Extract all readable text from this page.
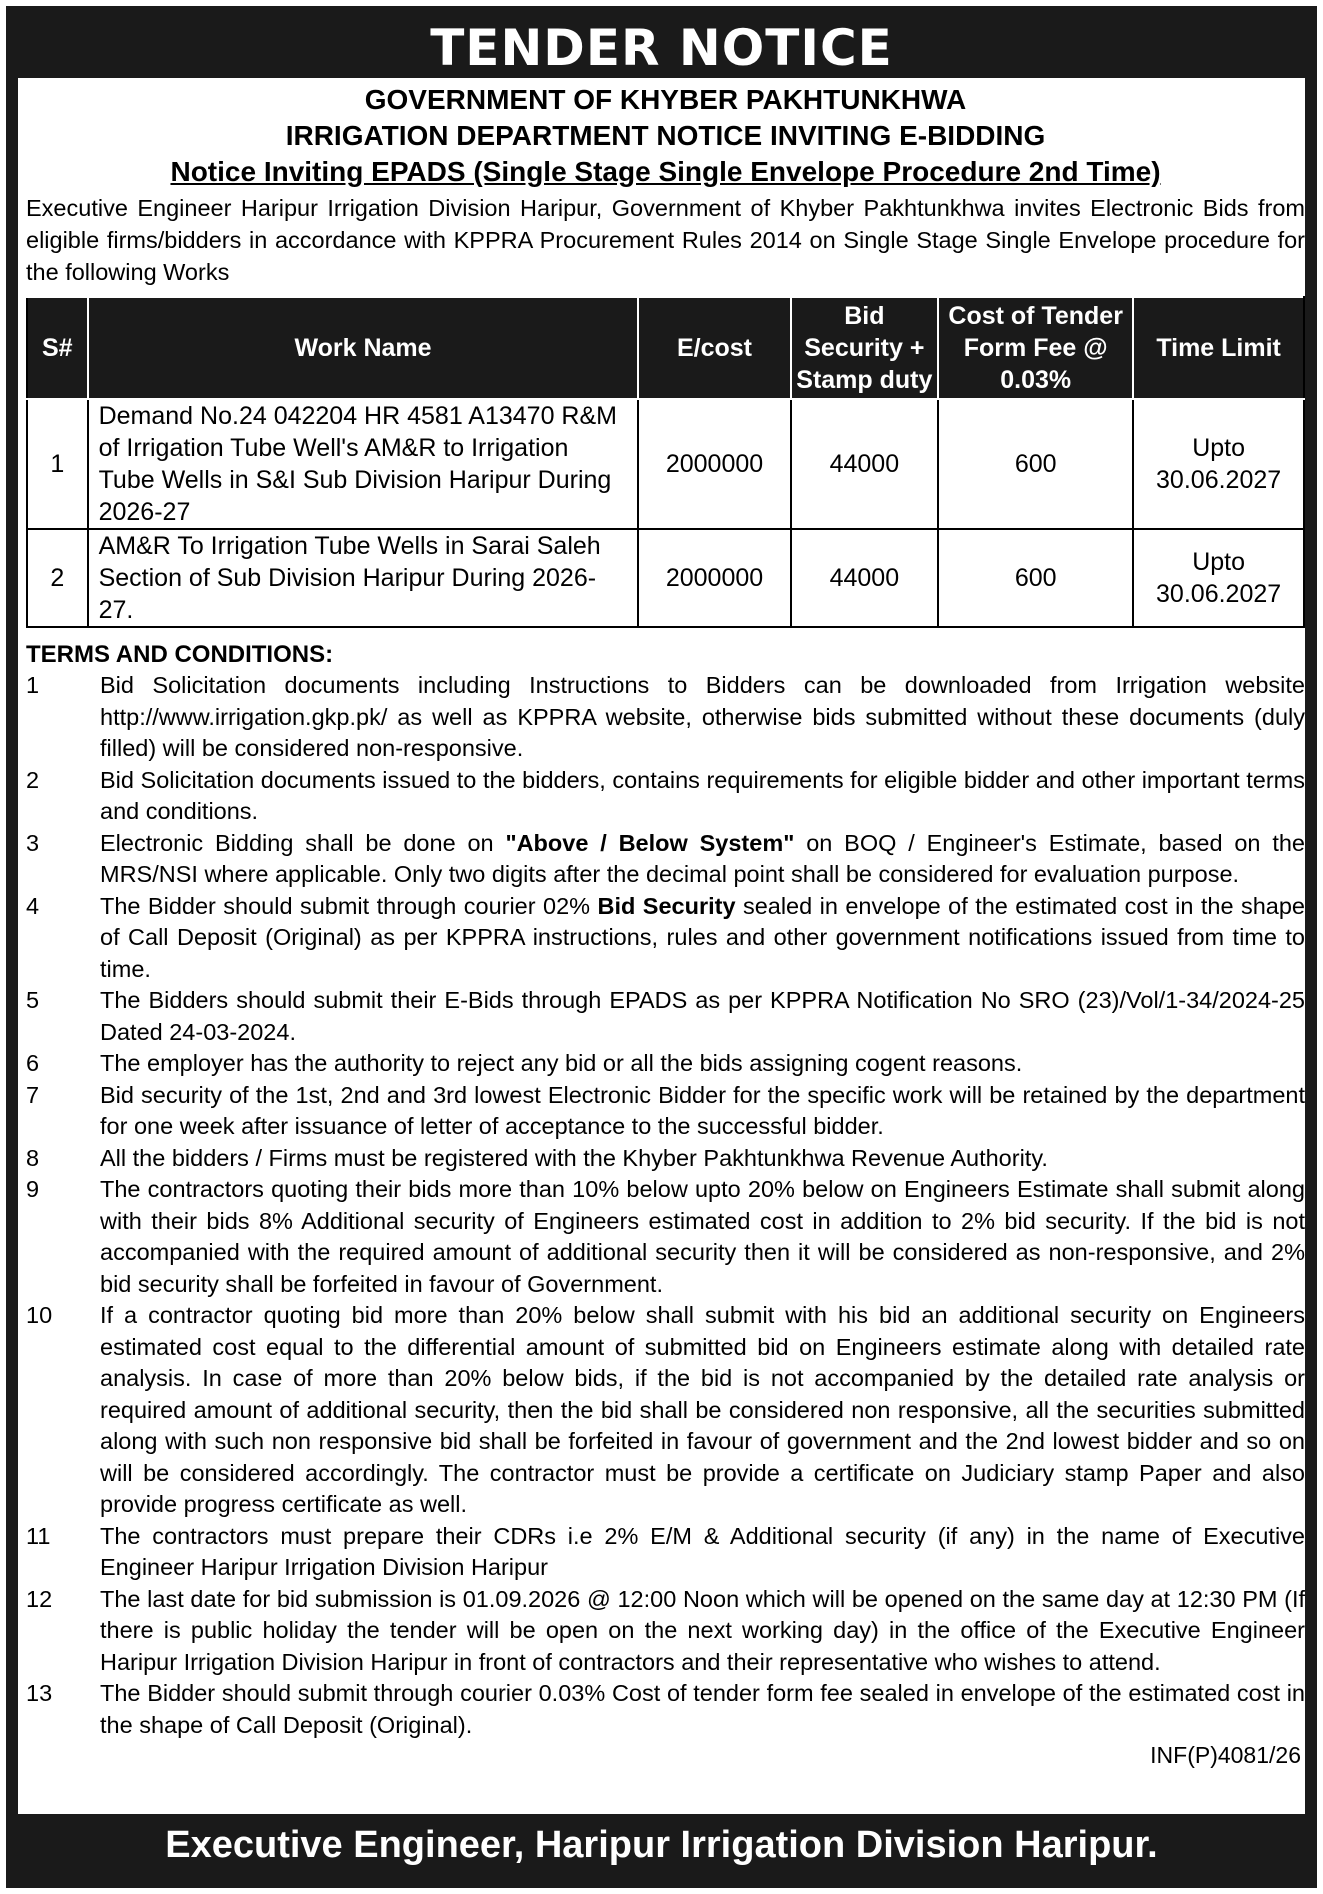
TENDER NOTICE
GOVERNMENT OF KHYBER PAKHTUNKHWA
IRRIGATION DEPARTMENT NOTICE INVITING E-BIDDING
Notice Inviting EPADS (Single Stage Single Envelope Procedure 2nd Time)

Executive Engineer Haripur Irrigation Division Haripur, Government of Khyber Pakhtunkhwa invites Electronic Bids from eligible firms/bidders in accordance with KPPRA Procurement Rules 2014 on Single Stage Single Envelope procedure for the following Works

S#	Work Name	E/cost	Bid Security + Stamp duty	Cost of Tender Form Fee @ 0.03%	Time Limit
1	Demand No.24 042204 HR 4581 A13470 R&M of Irrigation Tube Well's AM&R to Irrigation Tube Wells in S&I Sub Division Haripur During 2026-27	2000000	44000	600	Upto 30.06.2027
2	AM&R To Irrigation Tube Wells in Sarai Saleh Section of Sub Division Haripur During 2026-27.	2000000	44000	600	Upto 30.06.2027
TERMS AND CONDITIONS:
1	Bid Solicitation documents including Instructions to Bidders can be downloaded from Irrigation website http://www.irrigation.gkp.pk/ as well as KPPRA website, otherwise bids submitted without these documents (duly filled) will be considered non-responsive.
2	Bid Solicitation documents issued to the bidders, contains requirements for eligible bidder and other important terms and conditions.
3	Electronic Bidding shall be done on "Above / Below System" on BOQ / Engineer's Estimate, based on the MRS/NSI where applicable. Only two digits after the decimal point shall be considered for evaluation purpose.
4	The Bidder should submit through courier 02% Bid Security sealed in envelope of the estimated cost in the shape of Call Deposit (Original) as per KPPRA instructions, rules and other government notifications issued from time to time.
5	The Bidders should submit their E-Bids through EPADS as per KPPRA Notification No SRO (23)/Vol/1-34/2024-25 Dated 24-03-2024.
6	The employer has the authority to reject any bid or all the bids assigning cogent reasons.
7	Bid security of the 1st, 2nd and 3rd lowest Electronic Bidder for the specific work will be retained by the department for one week after issuance of letter of acceptance to the successful bidder.
8	All the bidders / Firms must be registered with the Khyber Pakhtunkhwa Revenue Authority.
9	The contractors quoting their bids more than 10% below upto 20% below on Engineers Estimate shall submit along with their bids 8% Additional security of Engineers estimated cost in addition to 2% bid security. If the bid is not accompanied with the required amount of additional security then it will be considered as non-responsive, and 2% bid security shall be forfeited in favour of Government.
10	If a contractor quoting bid more than 20% below shall submit with his bid an additional security on Engineers estimated cost equal to the differential amount of submitted bid on Engineers estimate along with detailed rate analysis. In case of more than 20% below bids, if the bid is not accompanied by the detailed rate analysis or required amount of additional security, then the bid shall be considered non responsive, all the securities submitted along with such non responsive bid shall be forfeited in favour of government and the 2nd lowest bidder and so on will be considered accordingly. The contractor must be provide a certificate on Judiciary stamp Paper and also provide progress certificate as well.
11	The contractors must prepare their CDRs i.e 2% E/M & Additional security (if any) in the name of Executive Engineer Haripur Irrigation Division Haripur
12	The last date for bid submission is 01.09.2026 @ 12:00 Noon which will be opened on the same day at 12:30 PM (If there is public holiday the tender will be open on the next working day) in the office of the Executive Engineer Haripur Irrigation Division Haripur in front of contractors and their representative who wishes to attend.
13	The Bidder should submit through courier 0.03% Cost of tender form fee sealed in envelope of the estimated cost in the shape of Call Deposit (Original).
INF(P)4081/26
Executive Engineer, Haripur Irrigation Division Haripur.
